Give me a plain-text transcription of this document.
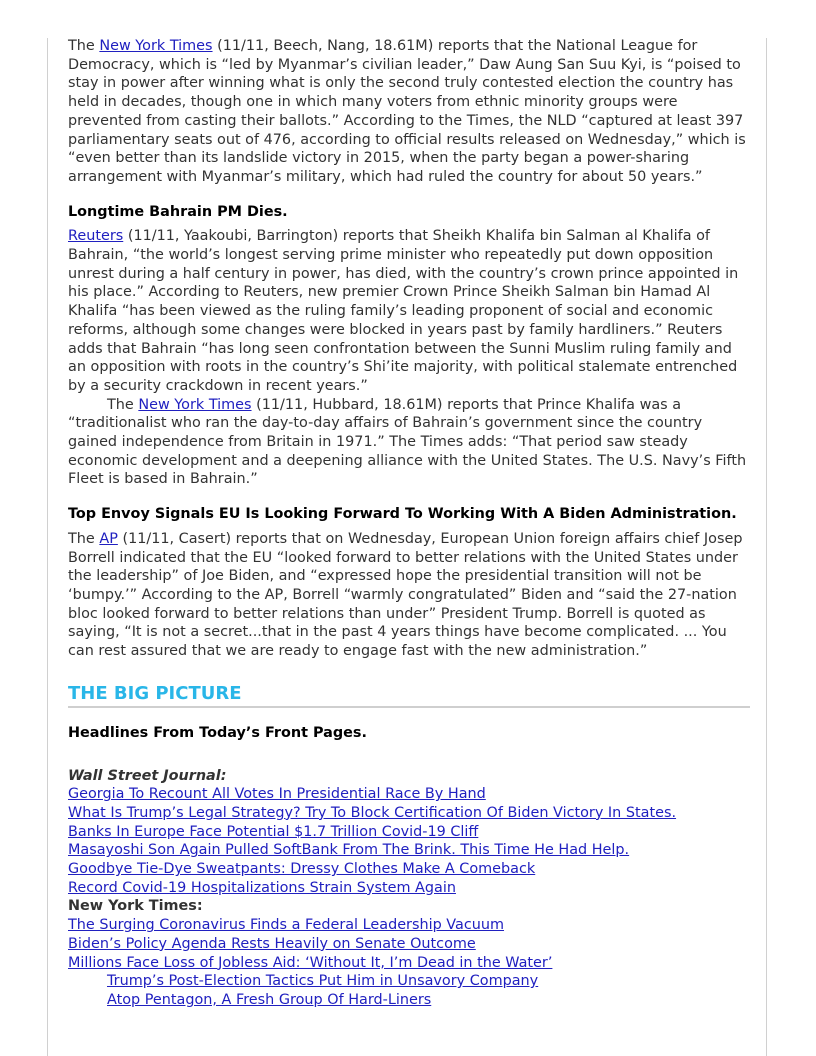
The New York Times (11/11, Beech, Nang, 18.61M) reports that the National League for Democracy, which is “led by Myanmar’s civilian leader,” Daw Aung San Suu Kyi, is “poised to stay in power after winning what is only the second truly contested election the country has held in decades, though one in which many voters from ethnic minority groups were prevented from casting their ballots.” According to the Times, the NLD “captured at least 397 parliamentary seats out of 476, according to official results released on Wednesday,” which is “even better than its landslide victory in 2015, when the party began a power-sharing arrangement with Myanmar’s military, which had ruled the country for about 50 years.”

Longtime Bahrain PM Dies.

Reuters (11/11, Yaakoubi, Barrington) reports that Sheikh Khalifa bin Salman al Khalifa of Bahrain, “the world’s longest serving prime minister who repeatedly put down opposition unrest during a half century in power, has died, with the country’s crown prince appointed in his place.” According to Reuters, new premier Crown Prince Sheikh Salman bin Hamad Al Khalifa “has been viewed as the ruling family’s leading proponent of social and economic reforms, although some changes were blocked in years past by family hardliners.” Reuters adds that Bahrain “has long seen confrontation between the Sunni Muslim ruling family and an opposition with roots in the country’s Shi’ite majority, with political stalemate entrenched by a security crackdown in recent years.”

The New York Times (11/11, Hubbard, 18.61M) reports that Prince Khalifa was a “traditionalist who ran the day-to-day affairs of Bahrain’s government since the country gained independence from Britain in 1971.” The Times adds: “That period saw steady economic development and a deepening alliance with the United States. The U.S. Navy’s Fifth Fleet is based in Bahrain.”

Top Envoy Signals EU Is Looking Forward To Working With A Biden Administration.

The AP (11/11, Casert) reports that on Wednesday, European Union foreign affairs chief Josep Borrell indicated that the EU “looked forward to better relations with the United States under the leadership” of Joe Biden, and “expressed hope the presidential transition will not be ‘bumpy.’” According to the AP, Borrell “warmly congratulated” Biden and “said the 27-nation bloc looked forward to better relations than under” President Trump. Borrell is quoted as saying, “It is not a secret...that in the past 4 years things have become complicated. ... You can rest assured that we are ready to engage fast with the new administration.”

THE BIG PICTURE

Headlines From Today’s Front Pages.

Wall Street Journal:
Georgia To Recount All Votes In Presidential Race By Hand
What Is Trump’s Legal Strategy? Try To Block Certification Of Biden Victory In States.
Banks In Europe Face Potential $1.7 Trillion Covid-19 Cliff
Masayoshi Son Again Pulled SoftBank From The Brink. This Time He Had Help.
Goodbye Tie-Dye Sweatpants: Dressy Clothes Make A Comeback
Record Covid-19 Hospitalizations Strain System Again
New York Times:
The Surging Coronavirus Finds a Federal Leadership Vacuum
Biden’s Policy Agenda Rests Heavily on Senate Outcome
Millions Face Loss of Jobless Aid: ‘Without It, I’m Dead in the Water’
Trump’s Post-Election Tactics Put Him in Unsavory Company
Atop Pentagon, A Fresh Group Of Hard-Liners
